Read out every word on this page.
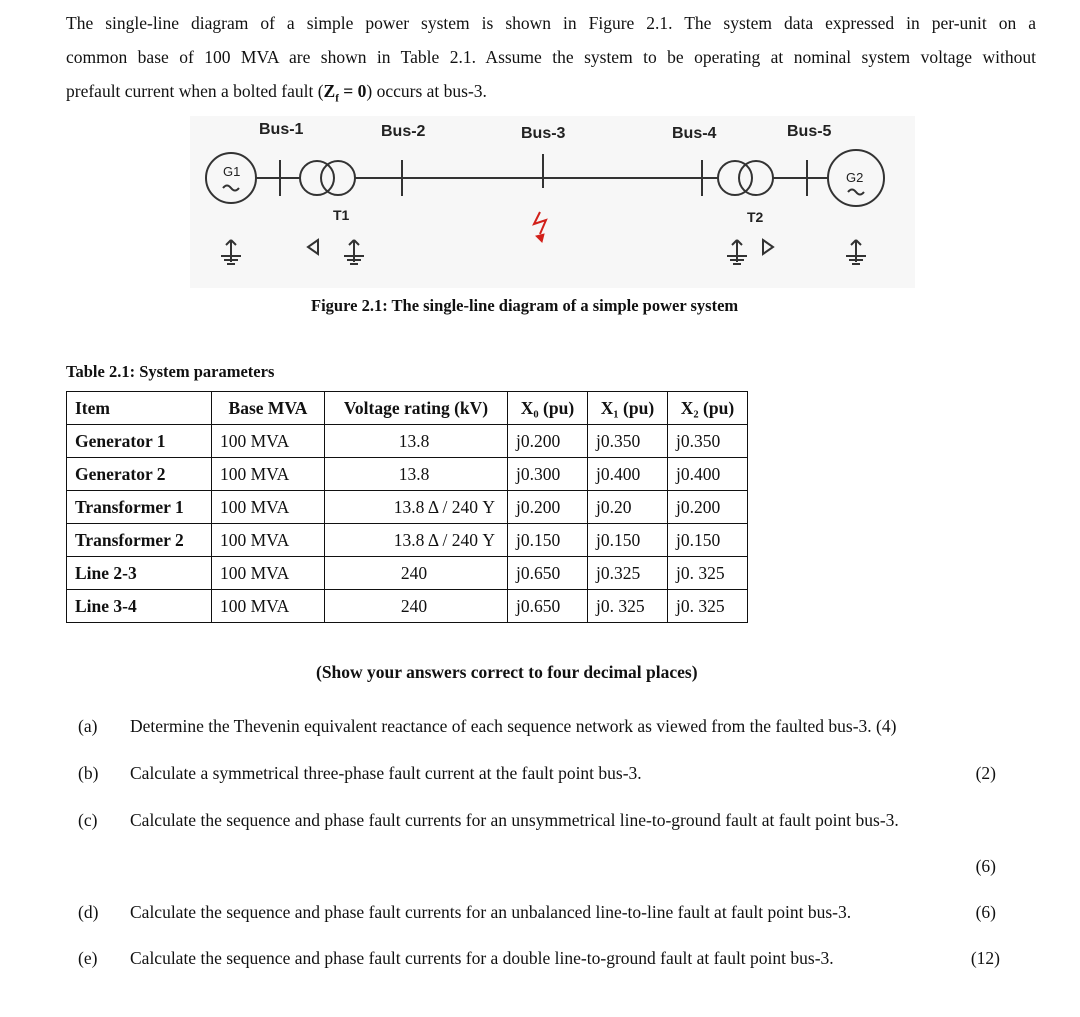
The single-line diagram of a simple power system is shown in Figure 2.1. The system data expressed in per-unit on a
common base of 100 MVA are shown in Table 2.1. Assume the system to be operating at nominal system voltage without
prefault current when a bolted fault $(Z_f = 0)$ occurs at bus-3.
Bus-1	Bus-2	Bus-3	Bus-4	Bus-5
G1
T1	T2
G2
Figure 2.1: The single-line diagram of a simple power system
Table 2.1: System parameters
Item	Base MVA	Voltage rating (kV)	X₀ (pu)	X₁ (pu)	X₂ (pu)
Generator 1	100 MVA	13.8	j0.200	j0.350	j0.350
Generator 2	100 MVA	13.8	j0.300	j0.400	j0.400
Transformer 1	100 MVA	13.8 Δ / 240 Y	j0.200	j0.20	j0.200
Transformer 2	100 MVA	13.8 Δ / 240 Y	j0.150	j0.150	j0.150
Line 2-3	100 MVA	240	j0.650	j0.325	j0. 325
Line 3-4	100 MVA	240	j0.650	j0. 325	j0. 325
(Show your answers correct to four decimal places)
(a) Determine the Thevenin equivalent reactance of each sequence network as viewed from the faulted bus-3. (4)
(b) Calculate a symmetrical three-phase fault current at the fault point bus-3.	(2)
(c) Calculate the sequence and phase fault currents for an unsymmetrical line-to-ground fault at fault point bus-3.
(6)
(d) Calculate the sequence and phase fault currents for an unbalanced line-to-line fault at fault point bus-3.	(6)
(e) Calculate the sequence and phase fault currents for a double line-to-ground fault at fault point bus-3.	(12)
